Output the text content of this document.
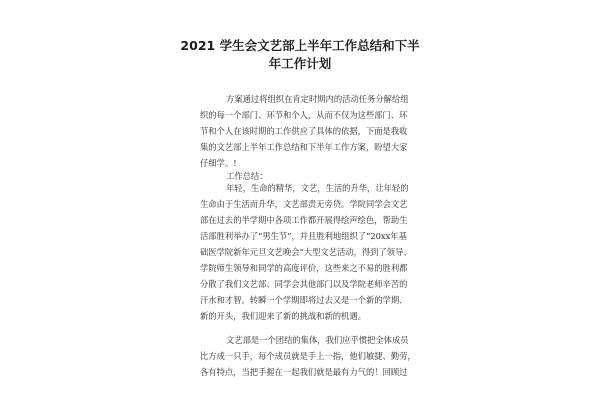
2021 学生会文艺部上半年工作总结和下半
年工作计划
方案通过将组织在肯定时期内的活动任务分解给组
织的每一个部门、环节和个人，从而不仅为这些部门、环
节和个人在该时期的工作供应了具体的依据，下面是我收
集的文艺部上半年工作总结和下半年工作方案，盼望大家
仔细学。!
工作总结：
年轻，生命的精华，文艺，生活的升华，让年轻的
生命由于生活而升华，文艺部责无旁贷。学院同学会文艺
部在过去的半学期中各项工作都开展得绘声绘色，帮助生
活部胜利举办了“男生节”，并且胜利地组织了“20xx年基
础医学院新年元旦文艺晚会”大型文艺活动，得到了领导、
学院师生领导和同学的高度评价，这些来之不易的胜利都
分散了我们文艺部、同学会其他部门以及学院老师辛苦的
汗水和才智。转瞬一个学期即将过去又是一个新的学期、
新的开头，我们迎来了新的挑战和新的机遇。
文艺部是一个团结的集体，我们应乎惯把全体成员
比方成一只手，每个成员就是手上一指，他们敏捷、勤劳，
各有特点，当把手握在一起我们就是最有力气的！回顾过
